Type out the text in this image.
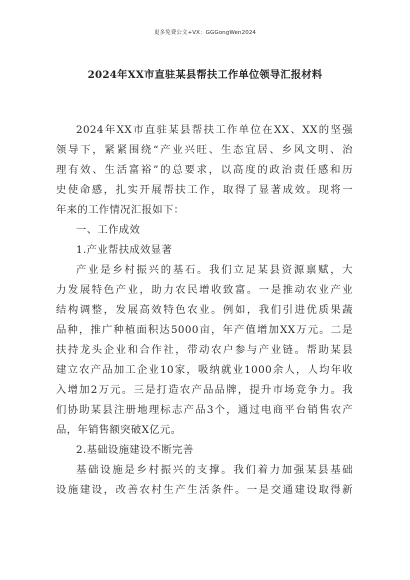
更多免费公文+VX：GGGongWen2024
2024年XX市直驻某县帮扶工作单位领导汇报材料
2024年XX市直驻某县帮扶工作单位在XX、XX的坚强
领导下，紧紧围绕“产业兴旺、生态宜居、乡风文明、治
理有效、生活富裕”的总要求，以高度的政治责任感和历
史使命感，扎实开展帮扶工作，取得了显著成效。现将一
年来的工作情况汇报如下：
一、工作成效
1.产业帮扶成效显著
产业是乡村振兴的基石。我们立足某县资源禀赋，大
力发展特色产业，助力农民增收致富。一是推动农业产业
结构调整，发展高效特色农业。例如，我们引进优质果蔬
品种，推广种植面积达5000亩，年产值增加XX万元。二是
扶持龙头企业和合作社，带动农户参与产业链。帮助某县
建立农产品加工企业10家，吸纳就业1000余人，人均年收
入增加2万元。三是打造农产品品牌，提升市场竞争力。我
们协助某县注册地理标志产品3个，通过电商平台销售农产
品，年销售额突破X亿元。
2.基础设施建设不断完善
基础设施是乡村振兴的支撑。我们着力加强某县基础
设施建设，改善农村生产生活条件。一是交通建设取得新
